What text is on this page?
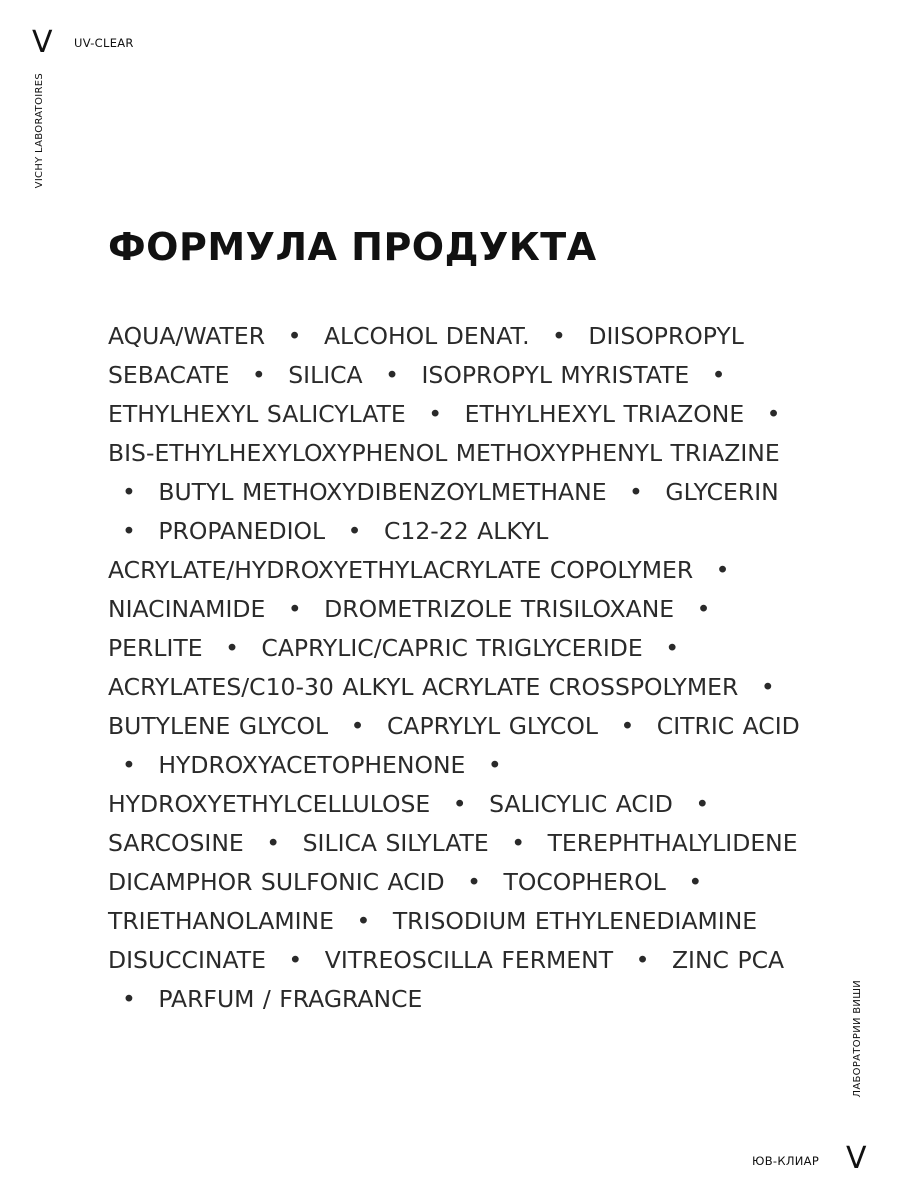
V UV-CLEAR
VICHY LABORATOIRES
ФОРМУЛА ПРОДУКТА

AQUA/WATER • ALCOHOL DENAT. • DIISOPROPYL SEBACATE • SILICA • ISOPROPYL MYRISTATE • ETHYLHEXYL SALICYLATE • ETHYLHEXYL TRIAZONE • BIS-ETHYLHEXYLOXYPHENOL METHOXYPHENYL TRIAZINE • BUTYL METHOXYDIBENZOYLMETHANE • GLYCERIN • PROPANEDIOL • C12-22 ALKYL ACRYLATE/HYDROXYETHYLACRYLATE COPOLYMER • NIACINAMIDE • DROMETRIZOLE TRISILOXANE • PERLITE • CAPRYLIC/CAPRIC TRIGLYCERIDE • ACRYLATES/C10-30 ALKYL ACRYLATE CROSSPOLYMER • BUTYLENE GLYCOL • CAPRYLYL GLYCOL • CITRIC ACID • HYDROXYACETOPHENONE • HYDROXYETHYLCELLULOSE • SALICYLIC ACID • SARCOSINE • SILICA SILYLATE • TEREPHTHALYLIDENE DICAMPHOR SULFONIC ACID • TOCOPHEROL • TRIETHANOLAMINE • TRISODIUM ETHYLENEDIAMINE DISUCCINATE • VITREOSCILLA FERMENT • ZINC PCA • PARFUM / FRAGRANCE	ЛАБОРАТОРИИ ВИШИ
ЮВ-КЛИАР V
